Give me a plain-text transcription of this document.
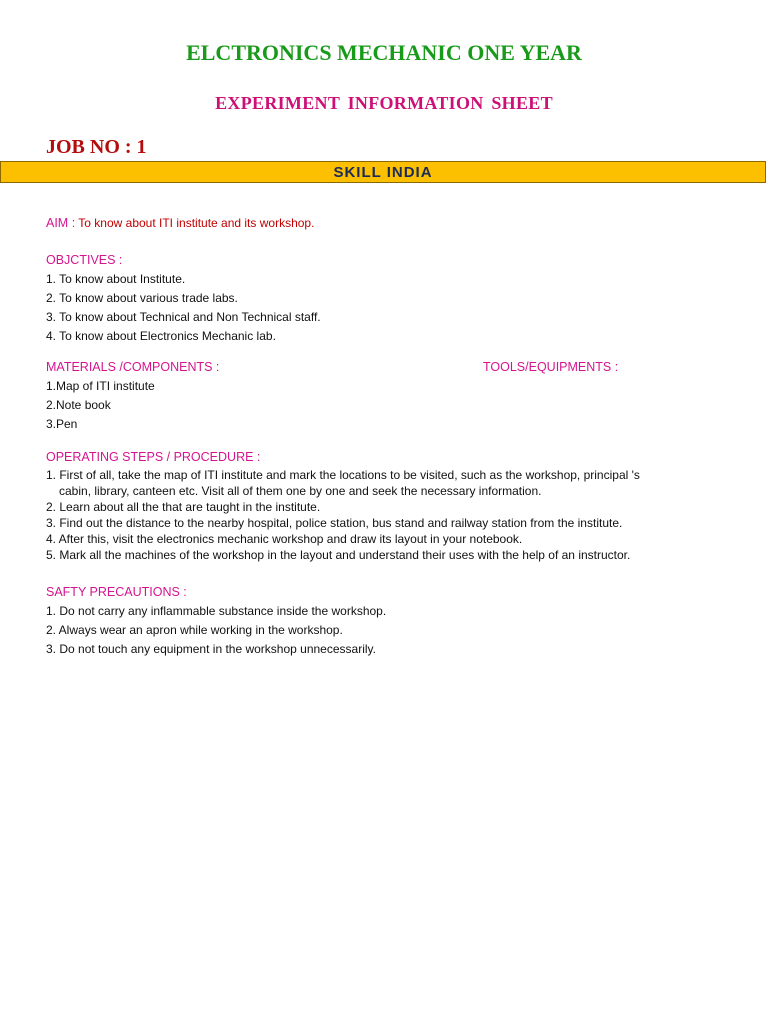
ELCTRONICS MECHANIC ONE YEAR
EXPERIMENT INFORMATION SHEET
JOB NO : 1
SKILL INDIA
AIM : To know about ITI institute and its workshop.
OBJCTIVES :
1. To know about Institute.
2. To know about various trade labs.
3. To know about Technical and Non Technical staff.
4. To know about Electronics Mechanic lab.
MATERIALS /COMPONENTS :
1.Map of ITI institute
2.Note book
3.Pen
TOOLS/EQUIPMENTS :
OPERATING STEPS / PROCEDURE :
1. First of all, take the map of ITI institute and mark the locations to be visited, such as the workshop, principal 's
cabin, library, canteen etc. Visit all of them one by one and seek the necessary information.
2. Learn about all the that are taught in the institute.
3. Find out the distance to the nearby hospital, police station, bus stand and railway station from the institute.
4. After this, visit the electronics mechanic workshop and draw its layout in your notebook.
5. Mark all the machines of the workshop in the layout and understand their uses with the help of an instructor.
SAFTY PRECAUTIONS :
1. Do not carry any inflammable substance inside the workshop.
2. Always wear an apron while working in the workshop.
3. Do not touch any equipment in the workshop unnecessarily.
